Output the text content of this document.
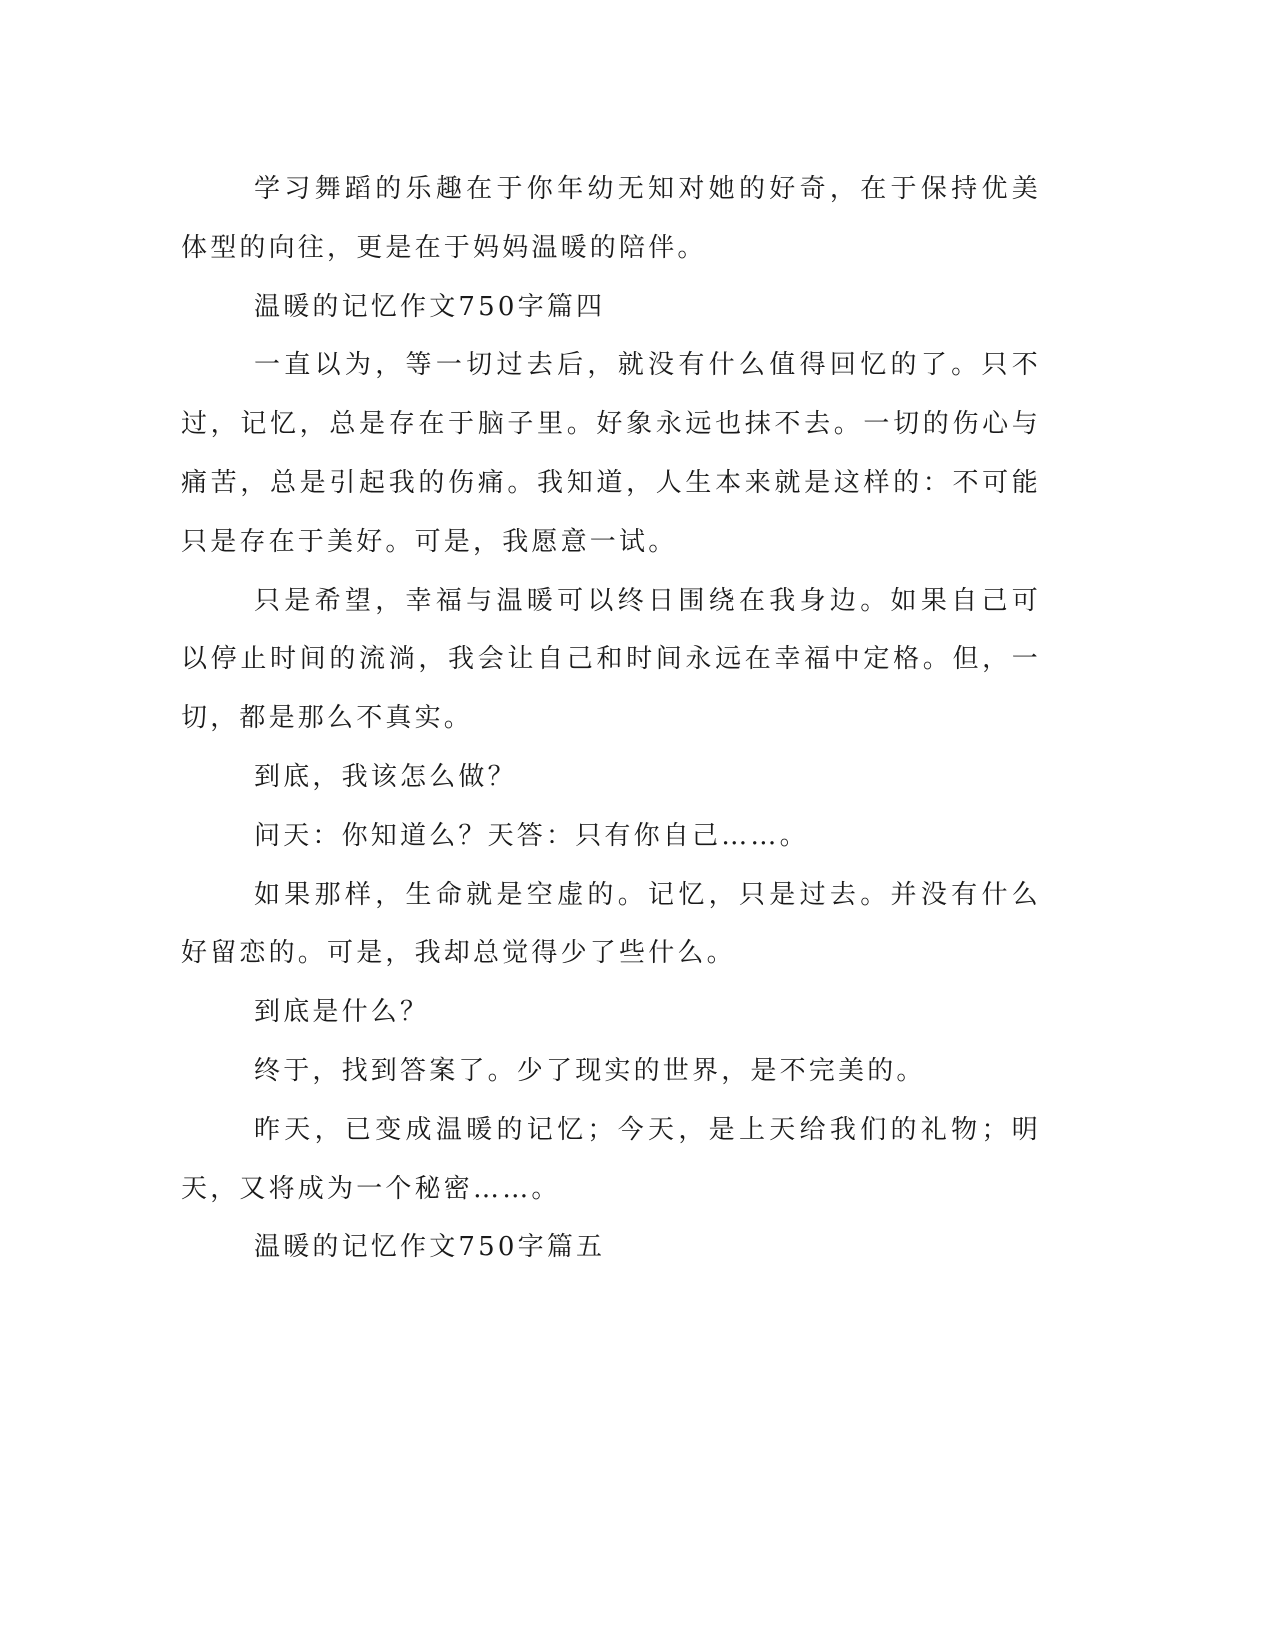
学习舞蹈的乐趣在于你年幼无知对她的好奇，在于保持优美体型的向往，更是在于妈妈温暖的陪伴。

温暖的记忆作文750字篇四

一直以为，等一切过去后，就没有什么值得回忆的了。只不过，记忆，总是存在于脑子里。好象永远也抹不去。一切的伤心与痛苦，总是引起我的伤痛。我知道，人生本来就是这样的：不可能只是存在于美好。可是，我愿意一试。

只是希望，幸福与温暖可以终日围绕在我身边。如果自己可以停止时间的流淌，我会让自己和时间永远在幸福中定格。但，一切，都是那么不真实。

到底，我该怎么做？

问天：你知道么？天答：只有你自己……。

如果那样，生命就是空虚的。记忆，只是过去。并没有什么好留恋的。可是，我却总觉得少了些什么。

到底是什么？

终于，找到答案了。少了现实的世界，是不完美的。

昨天，已变成温暖的记忆；今天，是上天给我们的礼物；明天，又将成为一个秘密……。

温暖的记忆作文750字篇五
